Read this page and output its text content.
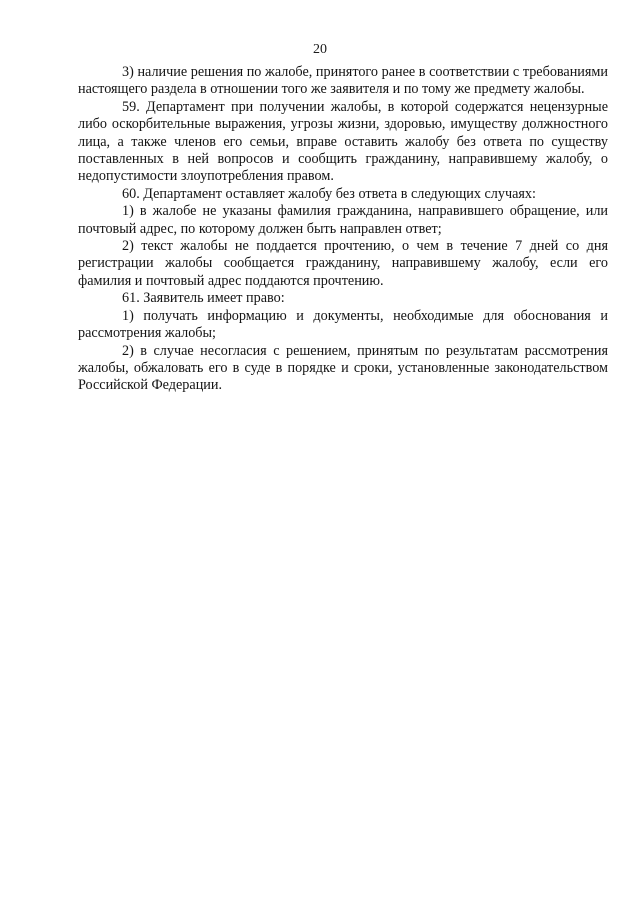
20

3) наличие решения по жалобе, принятого ранее в соответствии с требованиями настоящего раздела в отношении того же заявителя и по тому же предмету жалобы.

59. Департамент при получении жалобы, в которой содержатся нецензурные либо оскорбительные выражения, угрозы жизни, здоровью, имуществу должностного лица, а также членов его семьи, вправе оставить жалобу без ответа по существу поставленных в ней вопросов и сообщить гражданину, направившему жалобу, о недопустимости злоупотребления правом.

60. Департамент оставляет жалобу без ответа в следующих случаях:

1) в жалобе не указаны фамилия гражданина, направившего обращение, или почтовый адрес, по которому должен быть направлен ответ;

2) текст жалобы не поддается прочтению, о чем в течение 7 дней со дня регистрации жалобы сообщается гражданину, направившему жалобу, если его фамилия и почтовый адрес поддаются прочтению.

61. Заявитель имеет право:

1) получать информацию и документы, необходимые для обоснования и рассмотрения жалобы;

2) в случае несогласия с решением, принятым по результатам рассмотрения жалобы, обжаловать его в суде в порядке и сроки, установленные законодательством Российской Федерации.
